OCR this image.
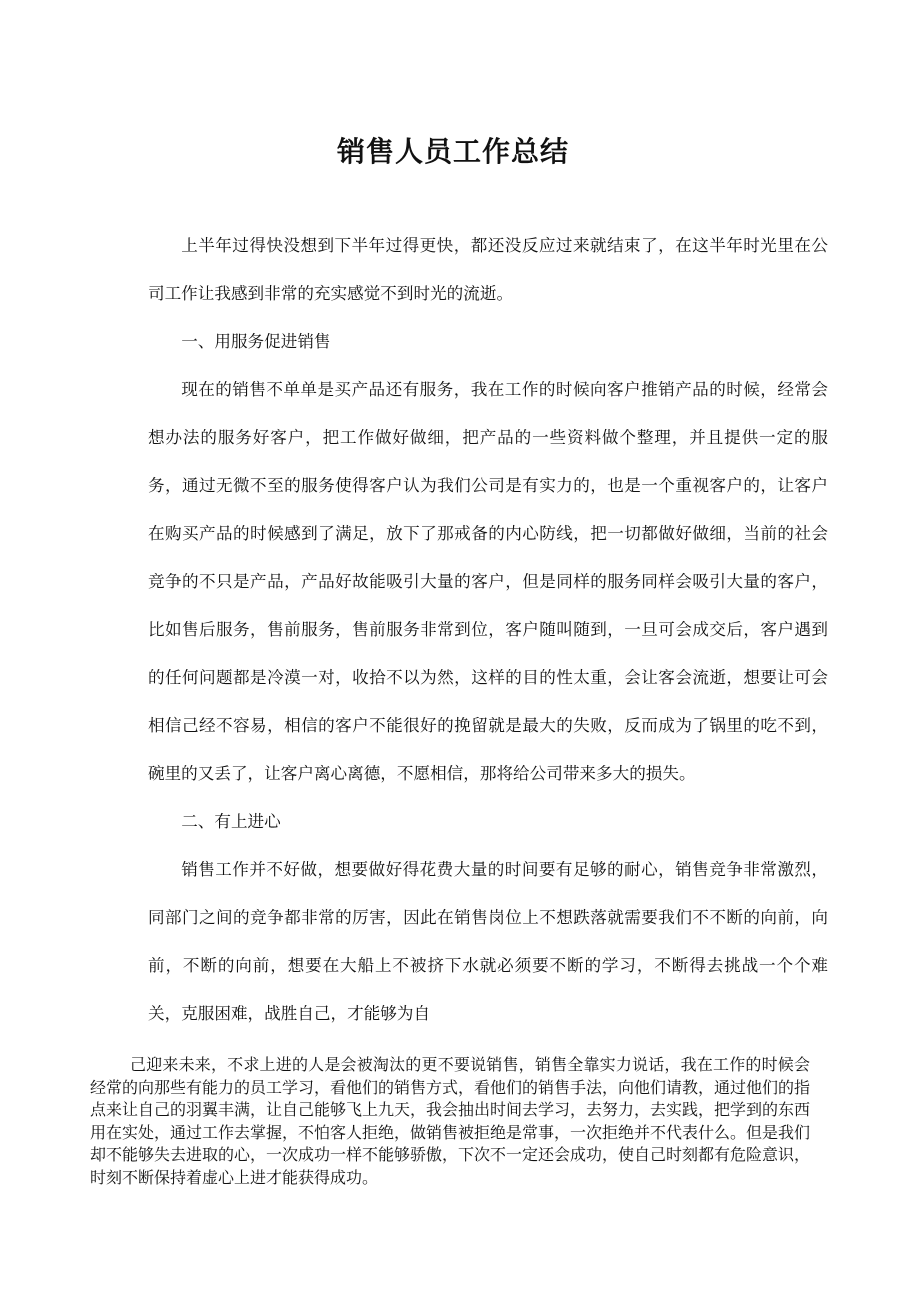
销售人员工作总结

上半年过得快没想到下半年过得更快，都还没反应过来就结束了，在这半年时光里在公司工作让我感到非常的充实感觉不到时光的流逝。

一、用服务促进销售

现在的销售不单单是买产品还有服务，我在工作的时候向客户推销产品的时候，经常会想办法的服务好客户，把工作做好做细，把产品的一些资料做个整理，并且提供一定的服务，通过无微不至的服务使得客户认为我们公司是有实力的，也是一个重视客户的，让客户在购买产品的时候感到了满足，放下了那戒备的内心防线，把一切都做好做细，当前的社会竞争的不只是产品，产品好故能吸引大量的客户，但是同样的服务同样会吸引大量的客户，比如售后服务，售前服务，售前服务非常到位，客户随叫随到，一旦可会成交后，客户遇到的任何问题都是冷漠一对，收拾不以为然，这样的目的性太重，会让客会流逝，想要让可会相信己经不容易，相信的客户不能很好的挽留就是最大的失败，反而成为了锅里的吃不到，碗里的又丢了，让客户离心离德，不愿相信，那将给公司带来多大的损失。

二、有上进心

销售工作并不好做，想要做好得花费大量的时间要有足够的耐心，销售竞争非常激烈，同部门之间的竞争都非常的厉害，因此在销售岗位上不想跌落就需要我们不不断的向前，向前，不断的向前，想要在大船上不被挤下水就必须要不断的学习，不断得去挑战一个个难关，克服困难，战胜自己，才能够为自

己迎来未来，不求上进的人是会被淘汰的更不要说销售，销售全靠实力说话，我在工作的时候会经常的向那些有能力的员工学习，看他们的销售方式，看他们的销售手法，向他们请教，通过他们的指点来让自己的羽翼丰满，让自己能够飞上九天，我会抽出时间去学习，去努力，去实践，把学到的东西用在实处，通过工作去掌握，不怕客人拒绝，做销售被拒绝是常事，一次拒绝并不代表什么。但是我们却不能够失去进取的心，一次成功一样不能够骄傲，下次不一定还会成功，使自己时刻都有危险意识，时刻不断保持着虚心上进才能获得成功。
